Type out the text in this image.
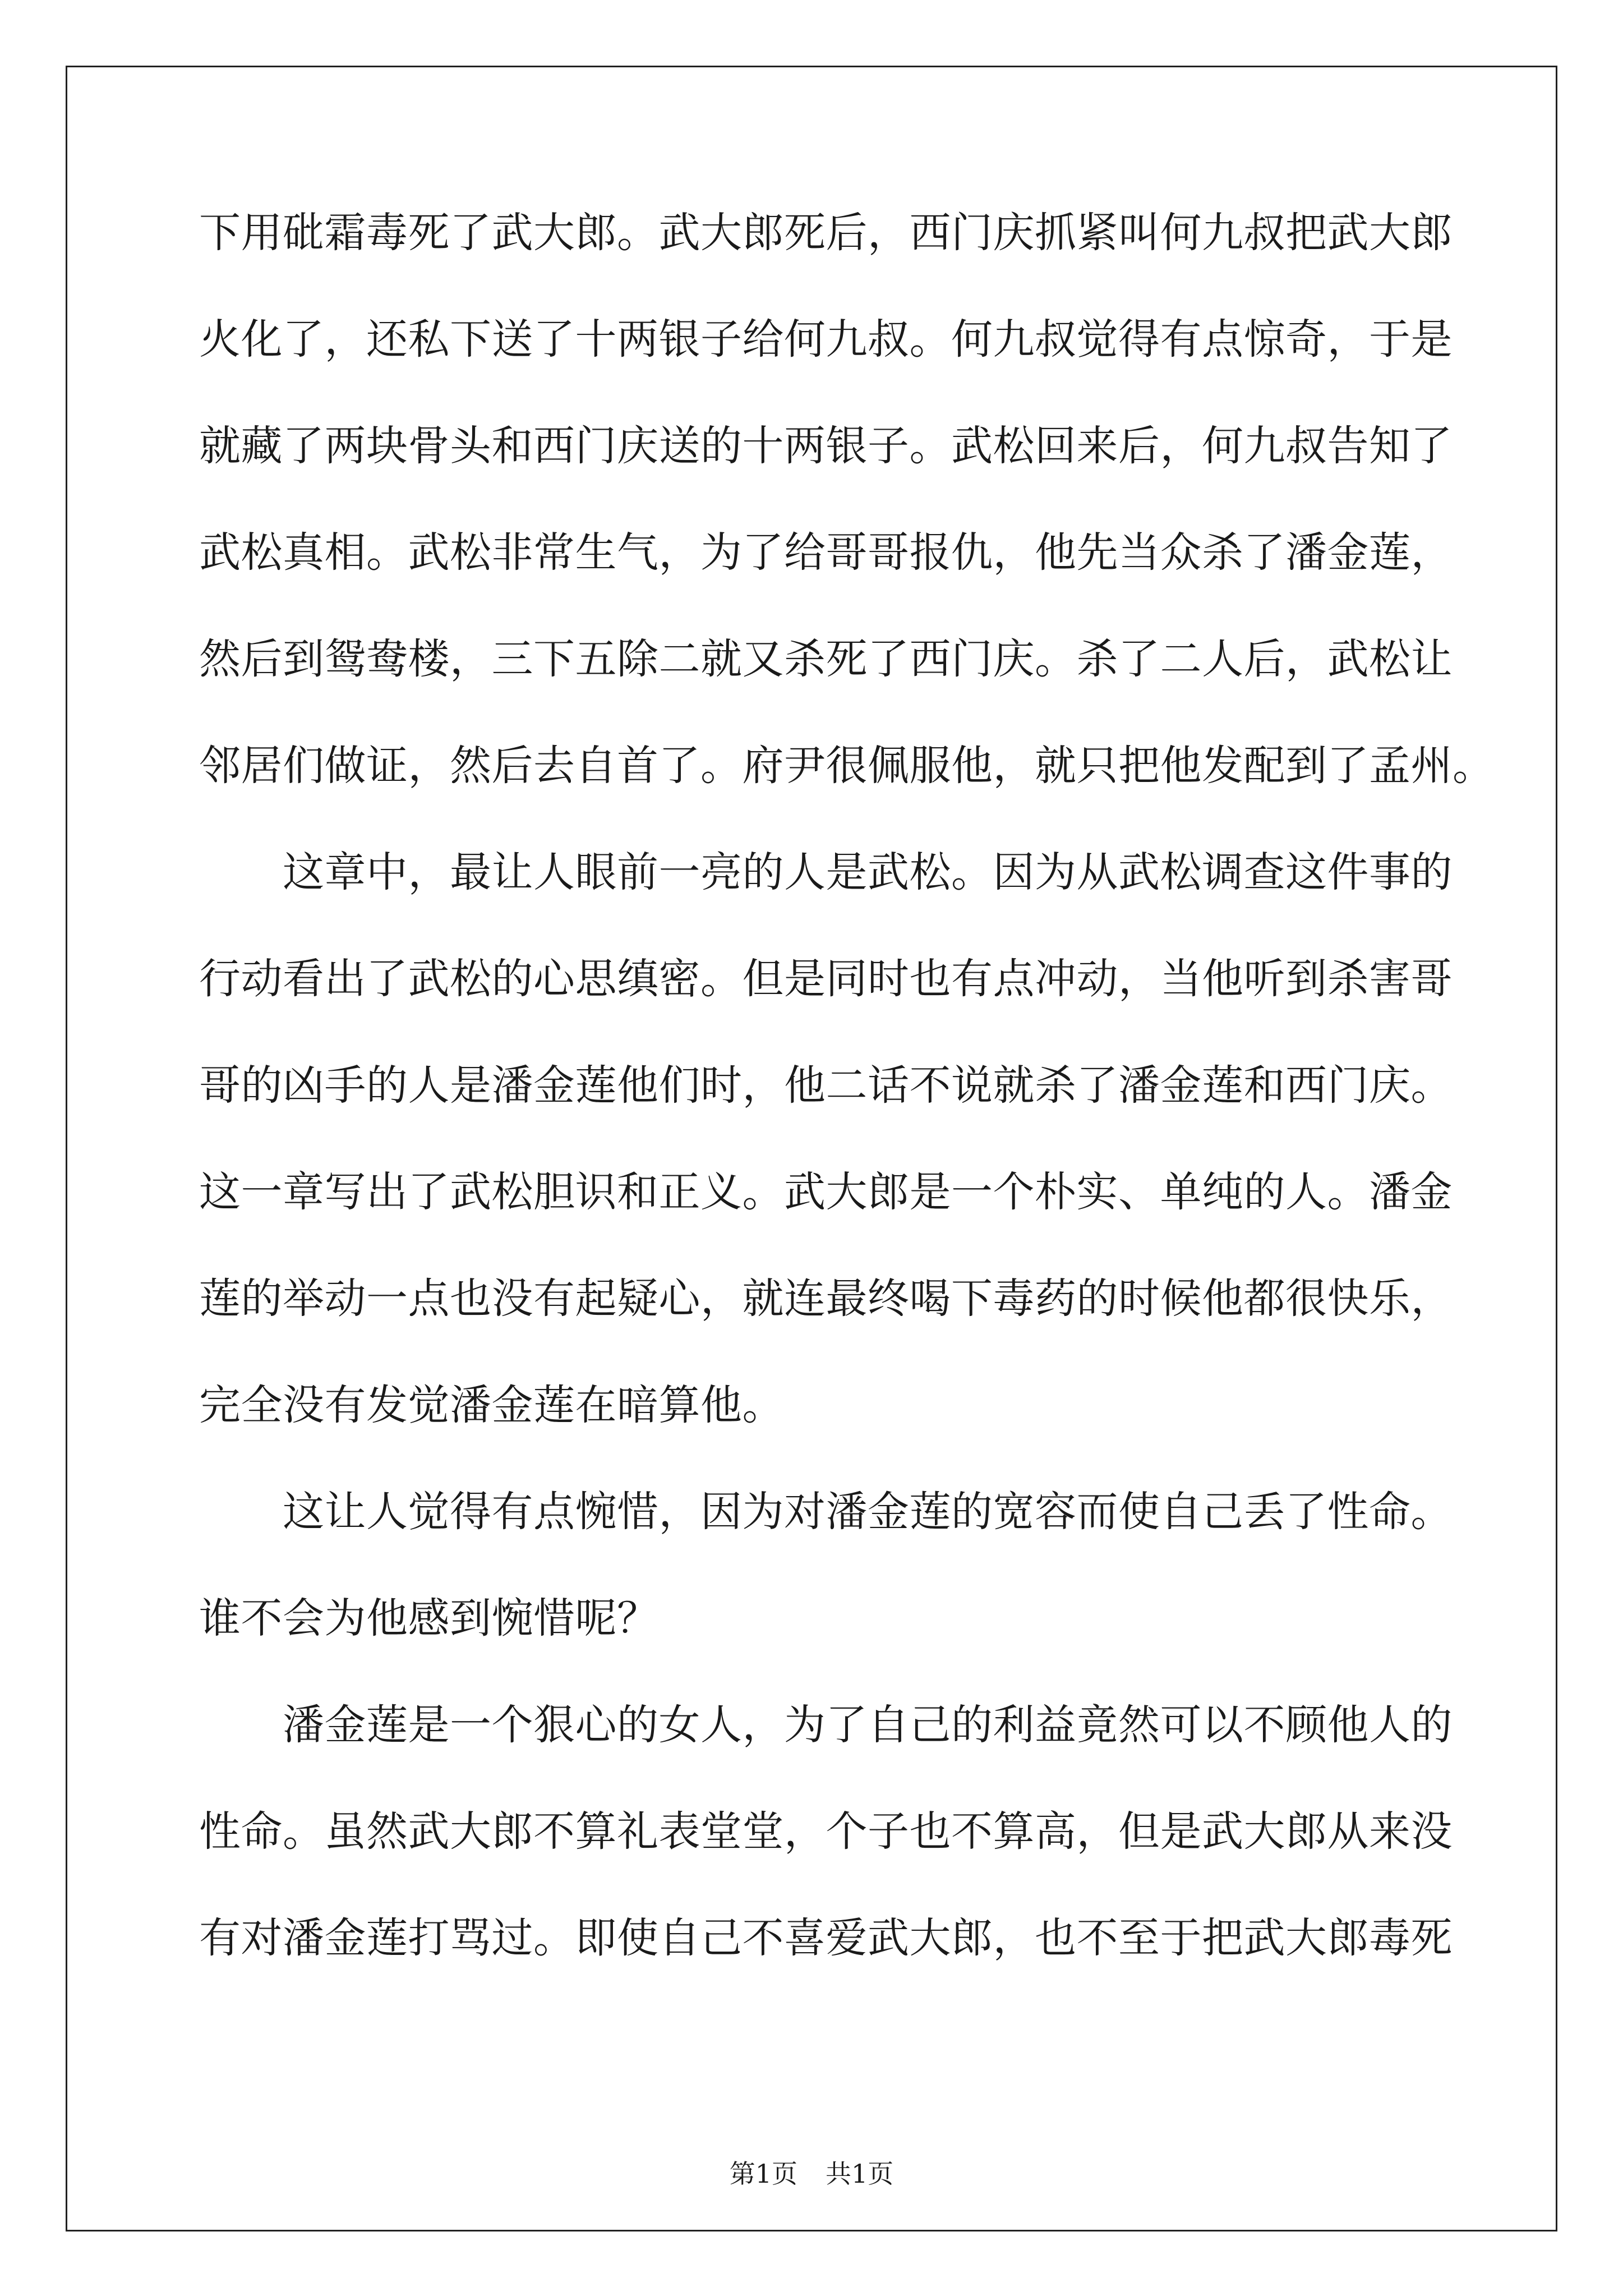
下用砒霜毒死了武大郎。武大郎死后，西门庆抓紧叫何九叔把武大郎
火化了，还私下送了十两银子给何九叔。何九叔觉得有点惊奇，于是
就藏了两块骨头和西门庆送的十两银子。武松回来后，何九叔告知了
武松真相。武松非常生气，为了给哥哥报仇，他先当众杀了潘金莲，
然后到鸳鸯楼，三下五除二就又杀死了西门庆。杀了二人后，武松让
邻居们做证，然后去自首了。府尹很佩服他，就只把他发配到了孟州。
　　这章中，最让人眼前一亮的人是武松。因为从武松调查这件事的
行动看出了武松的心思缜密。但是同时也有点冲动，当他听到杀害哥
哥的凶手的人是潘金莲他们时，他二话不说就杀了潘金莲和西门庆。
这一章写出了武松胆识和正义。武大郎是一个朴实、单纯的人。潘金
莲的举动一点也没有起疑心，就连最终喝下毒药的时候他都很快乐，
完全没有发觉潘金莲在暗算他。
　　这让人觉得有点惋惜，因为对潘金莲的宽容而使自己丢了性命。
谁不会为他感到惋惜呢？
　　潘金莲是一个狠心的女人，为了自己的利益竟然可以不顾他人的
性命。虽然武大郎不算礼表堂堂，个子也不算高，但是武大郎从来没
有对潘金莲打骂过。即使自己不喜爱武大郎，也不至于把武大郎毒死
第1页 共1页
